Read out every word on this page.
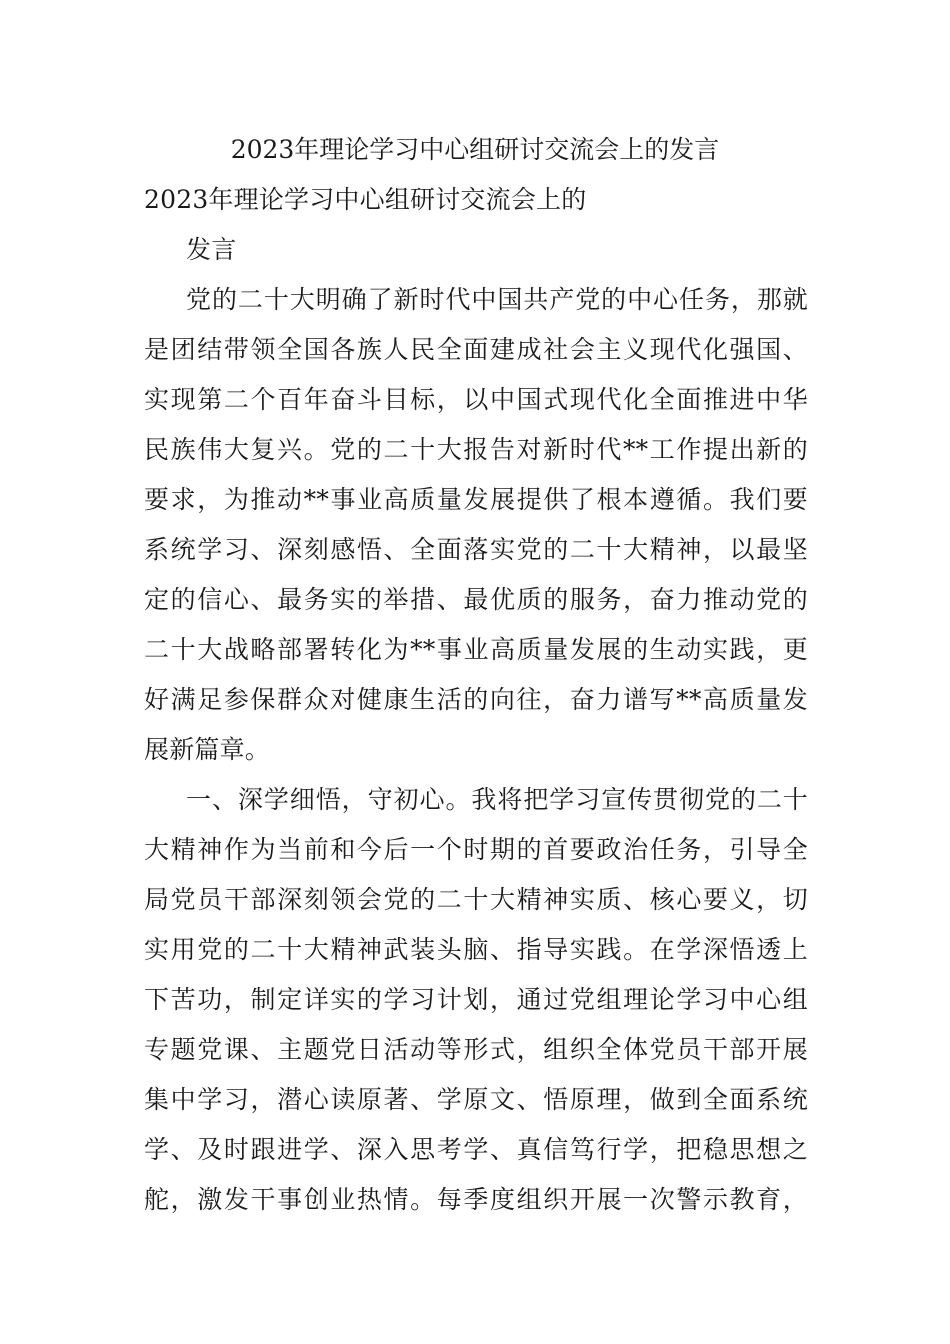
2023年理论学习中心组研讨交流会上的发言
2023年理论学习中心组研讨交流会上的
发言
党的二十大明确了新时代中国共产党的中心任务，那就
是团结带领全国各族人民全面建成社会主义现代化强国、
实现第二个百年奋斗目标，以中国式现代化全面推进中华
民族伟大复兴。党的二十大报告对新时代**工作提出新的
要求，为推动**事业高质量发展提供了根本遵循。我们要
系统学习、深刻感悟、全面落实党的二十大精神，以最坚
定的信心、最务实的举措、最优质的服务，奋力推动党的
二十大战略部署转化为**事业高质量发展的生动实践，更
好满足参保群众对健康生活的向往，奋力谱写**高质量发
展新篇章。
一、深学细悟，守初心。我将把学习宣传贯彻党的二十
大精神作为当前和今后一个时期的首要政治任务，引导全
局党员干部深刻领会党的二十大精神实质、核心要义，切
实用党的二十大精神武装头脑、指导实践。在学深悟透上
下苦功，制定详实的学习计划，通过党组理论学习中心组
专题党课、主题党日活动等形式，组织全体党员干部开展
集中学习，潜心读原著、学原文、悟原理，做到全面系统
学、及时跟进学、深入思考学、真信笃行学，把稳思想之
舵，激发干事创业热情。每季度组织开展一次警示教育，
